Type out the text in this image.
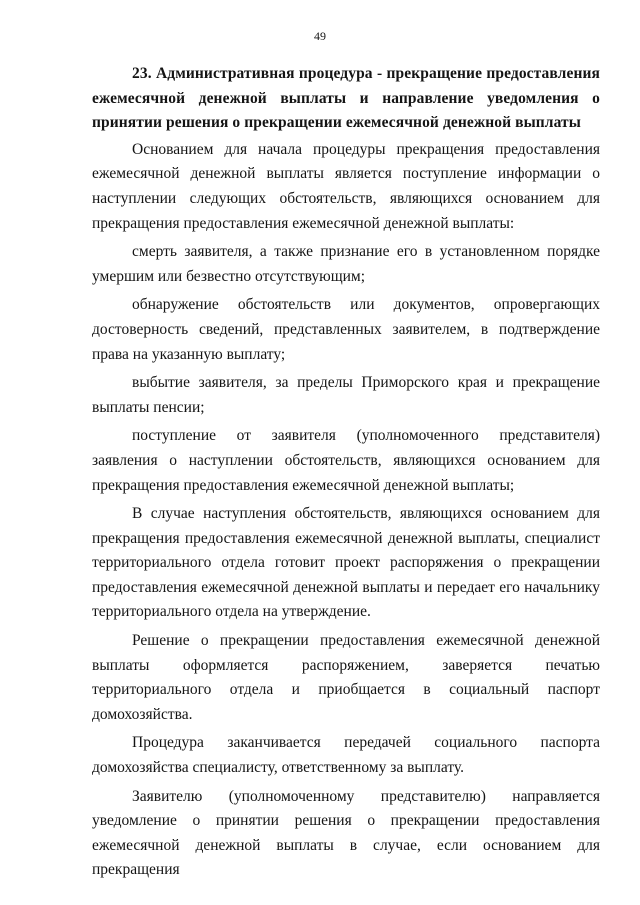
49

23. Административная процедура - прекращение предоставления ежемесячной денежной выплаты и направление уведомления о принятии решения о прекращении ежемесячной денежной выплаты

Основанием для начала процедуры прекращения предоставления ежемесячной денежной выплаты является поступление информации о наступлении следующих обстоятельств, являющихся основанием для прекращения предоставления ежемесячной денежной выплаты:

смерть заявителя, а также признание его в установленном порядке умершим или безвестно отсутствующим;

обнаружение обстоятельств или документов, опровергающих достоверность сведений, представленных заявителем, в подтверждение права на указанную выплату;

выбытие заявителя, за пределы Приморского края и прекращение выплаты пенсии;

поступление от заявителя (уполномоченного представителя) заявления о наступлении обстоятельств, являющихся основанием для прекращения предоставления ежемесячной денежной выплаты;

В случае наступления обстоятельств, являющихся основанием для прекращения предоставления ежемесячной денежной выплаты, специалист территориального отдела готовит проект распоряжения о прекращении предоставления ежемесячной денежной выплаты и передает его начальнику территориального отдела на утверждение.

Решение о прекращении предоставления ежемесячной денежной выплаты оформляется распоряжением, заверяется печатью территориального отдела и приобщается в социальный паспорт домохозяйства.

Процедура заканчивается передачей социального паспорта домохозяйства специалисту, ответственному за выплату.

Заявителю (уполномоченному представителю) направляется уведомление о принятии решения о прекращении предоставления ежемесячной денежной выплаты в случае, если основанием для прекращения
